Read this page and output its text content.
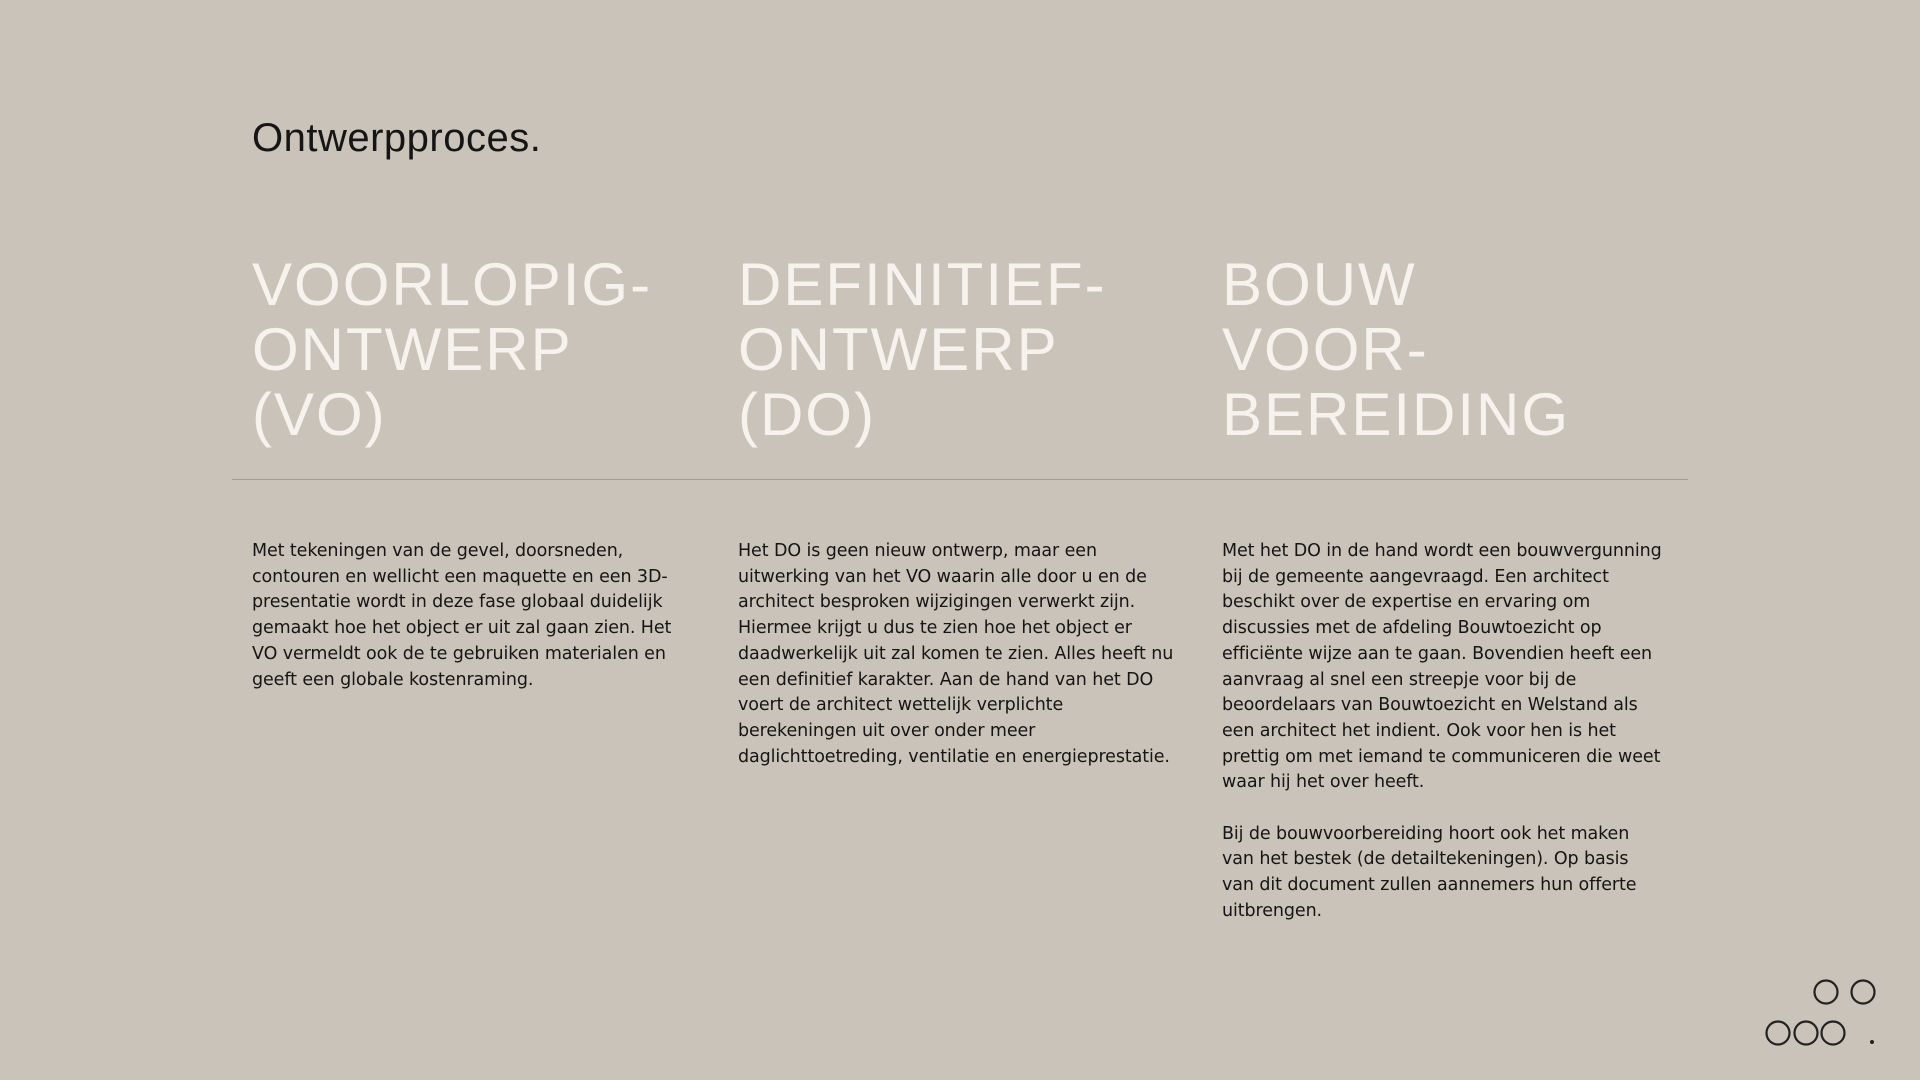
Ontwerpproces.
VOORLOPIG-
ONTWERP
(VO)
DEFINITIEF-
ONTWERP
(DO)
BOUW
VOOR-
BEREIDING

Met tekeningen van de gevel, doorsneden, contouren en wellicht een maquette en een 3D-presentatie wordt in deze fase globaal duidelijk gemaakt hoe het object er uit zal gaan zien. Het VO vermeldt ook de te gebruiken materialen en geeft een globale kostenraming.

Het DO is geen nieuw ontwerp, maar een uitwerking van het VO waarin alle door u en de architect besproken wijzigingen verwerkt zijn. Hiermee krijgt u dus te zien hoe het object er daadwerkelijk uit zal komen te zien. Alles heeft nu een definitief karakter. Aan de hand van het DO voert de architect wettelijk verplichte berekeningen uit over onder meer daglichttoetreding, ventilatie en energieprestatie.

Met het DO in de hand wordt een bouwvergunning bij de gemeente aangevraagd. Een architect beschikt over de expertise en ervaring om discussies met de afdeling Bouwtoezicht op efficiënte wijze aan te gaan. Bovendien heeft een aanvraag al snel een streepje voor bij de beoordelaars van Bouwtoezicht en Welstand als een architect het indient. Ook voor hen is het prettig om met iemand te communiceren die weet waar hij het over heeft.

Bij de bouwvoorbereiding hoort ook het maken van het bestek (de detailtekeningen). Op basis van dit document zullen aannemers hun offerte uitbrengen.
